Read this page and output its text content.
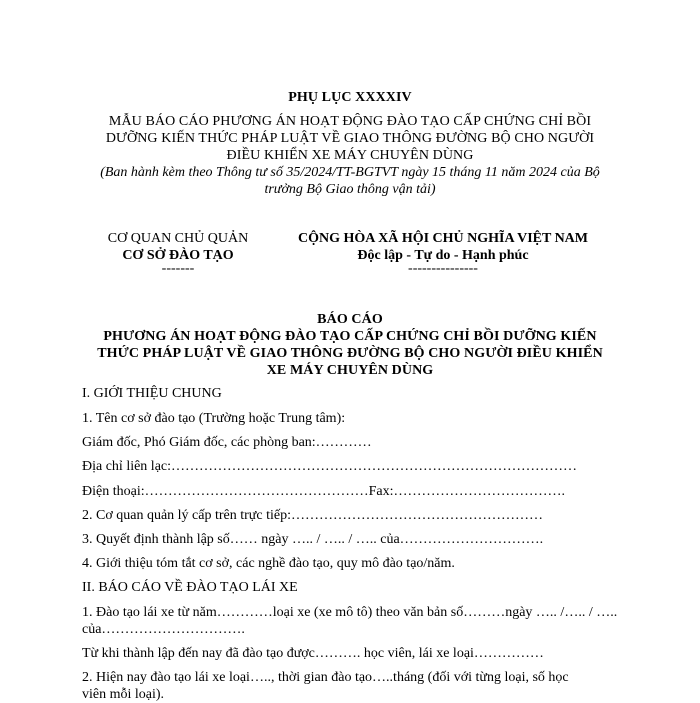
PHỤ LỤC XXXXIV
MẪU BÁO CÁO PHƯƠNG ÁN HOẠT ĐỘNG ĐÀO TẠO CẤP CHỨNG CHỈ BỒI
DƯỠNG KIẾN THỨC PHÁP LUẬT VỀ GIAO THÔNG ĐƯỜNG BỘ CHO NGƯỜI
ĐIỀU KHIỂN XE MÁY CHUYÊN DÙNG
(Ban hành kèm theo Thông tư số 35/2024/TT-BGTVT ngày 15 tháng 11 năm 2024 của Bộ
trưởng Bộ Giao thông vận tải)
CƠ QUAN CHỦ QUẢN
CƠ SỞ ĐÀO TẠO
-------
CỘNG HÒA XÃ HỘI CHỦ NGHĨA VIỆT NAM
Độc lập - Tự do - Hạnh phúc
---------------
BÁO CÁO
PHƯƠNG ÁN HOẠT ĐỘNG ĐÀO TẠO CẤP CHỨNG CHỈ BỒI DƯỠNG KIẾN
THỨC PHÁP LUẬT VỀ GIAO THÔNG ĐƯỜNG BỘ CHO NGƯỜI ĐIỀU KHIỂN
XE MÁY CHUYÊN DÙNG
I. GIỚI THIỆU CHUNG
1. Tên cơ sở đào tạo (Trường hoặc Trung tâm):
Giám đốc, Phó Giám đốc, các phòng ban:…………
Địa chỉ liên lạc:……………………………………………………………………………
Điện thoại:…………………………………………Fax:……………………………….
2. Cơ quan quản lý cấp trên trực tiếp:………………………………………………
3. Quyết định thành lập số…… ngày ….. / ….. / ….. của………………………….
4. Giới thiệu tóm tắt cơ sở, các nghề đào tạo, quy mô đào tạo/năm.
II. BÁO CÁO VỀ ĐÀO TẠO LÁI XE
1. Đào tạo lái xe từ năm…………loại xe (xe mô tô) theo văn bản số………ngày ….. /….. / …..
của………………………….
Từ khi thành lập đến nay đã đào tạo được………. học viên, lái xe loại……………
2. Hiện nay đào tạo lái xe loại….., thời gian đào tạo…..tháng (đối với từng loại, số học
viên mỗi loại).
